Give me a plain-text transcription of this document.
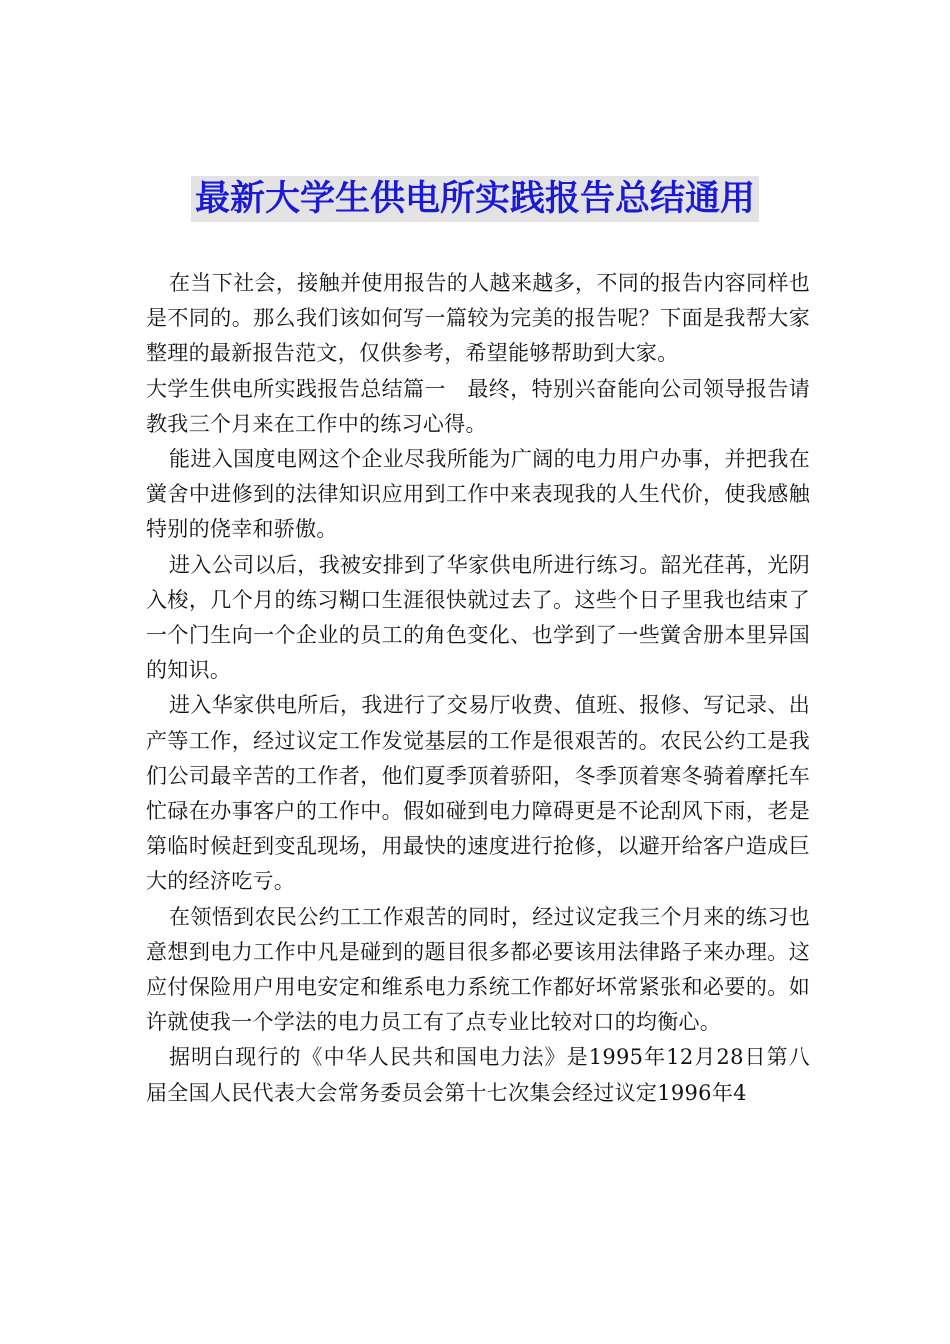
最新大学生供电所实践报告总结通用

在当下社会，接触并使用报告的人越来越多，不同的报告内容同样也是不同的。那么我们该如何写一篇较为完美的报告呢？下面是我帮大家整理的最新报告范文，仅供参考，希望能够帮助到大家。

大学生供电所实践报告总结篇一　最终，特别兴奋能向公司领导报告请教我三个月来在工作中的练习心得。

能进入国度电网这个企业尽我所能为广阔的电力用户办事，并把我在黉舍中进修到的法律知识应用到工作中来表现我的人生代价，使我感触特别的侥幸和骄傲。

进入公司以后，我被安排到了华家供电所进行练习。韶光荏苒，光阴入梭，几个月的练习糊口生涯很快就过去了。这些个日子里我也结束了一个门生向一个企业的员工的角色变化、也学到了一些黉舍册本里异国的知识。

进入华家供电所后，我进行了交易厅收费、值班、报修、写记录、出产等工作，经过议定工作发觉基层的工作是很艰苦的。农民公约工是我们公司最辛苦的工作者，他们夏季顶着骄阳，冬季顶着寒冬骑着摩托车忙碌在办事客户的工作中。假如碰到电力障碍更是不论刮风下雨，老是第临时候赶到变乱现场，用最快的速度进行抢修，以避开给客户造成巨大的经济吃亏。

在领悟到农民公约工工作艰苦的同时，经过议定我三个月来的练习也意想到电力工作中凡是碰到的题目很多都必要该用法律路子来办理。这应付保险用户用电安定和维系电力系统工作都好坏常紧张和必要的。如许就使我一个学法的电力员工有了点专业比较对口的均衡心。

据明白现行的《中华人民共和国电力法》是1995年12月28日第八届全国人民代表大会常务委员会第十七次集会经过议定1996年4
